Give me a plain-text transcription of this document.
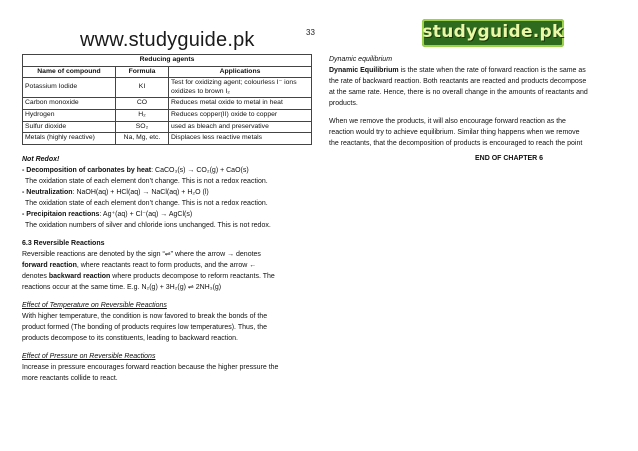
www.studyguide.pk	33	studyguide.pk
Reducing agents		
Name of compound	Formula	Applications
Potassium Iodide	KI	Test for oxidizing agent; colourless I⁻ ions
oxidizes to brown I₂

Carbon monoxide	CO	Reduces metal oxide to metal in heat
Hydrogen	H₂	Reduces copper(II) oxide to copper
Sulfur dioxide	SO₂	used as bleach and preservative
Metals (highly reactive)	Na, Mg, etc.	Displaces less reactive metals

Not Redox!

- Decomposition of carbonates by heat: CaCO₃(s) → CO₂(g) + CaO(s)

The oxidation state of each element don’t change. This is not a redox reaction.

- Neutralization: NaOH(aq) + HCl(aq) → NaCl(aq) + H₂O (l)

The oxidation state of each element don’t change. This is not a redox reaction.

- Precipitaion reactions: Ag⁺(aq) + Cl⁻(aq) → AgCl(s)

The oxidation numbers of silver and chloride ions unchanged. This is not redox.

6.3 Reversible Reactions

Reversible reactions are denoted by the sign “⇌” where the arrow → denotes

forward reaction, where reactants react to form products, and the arrow ←

denotes backward reaction where products decompose to reform reactants. The

reactions occur at the same time. E.g. N₂(g) + 3H₂(g) ⇌ 2NH₃(g)

Effect of Temperature on Reversible Reactions

With higher temperature, the condition is now favored to break the bonds of the

product formed (The bonding of products requires low temperatures). Thus, the

products decompose to its constituents, leading to backward reaction.

Effect of Pressure on Reversible Reactions

Increase in pressure encourages forward reaction because the higher pressure the

more reactants collide to react.

Dynamic equilibrium

Dynamic Equilibrium is the state when the rate of forward reaction is the same as

the rate of backward reaction. Both reactants are reacted and products decompose

at the same rate. Hence, there is no overall change in the amounts of reactants and

products.

When we remove the products, it will also encourage forward reaction as the

reaction would try to achieve equilibrium. Similar thing happens when we remove

the reactants, that the decomposition of products is encouraged to reach the point

END OF CHAPTER 6
